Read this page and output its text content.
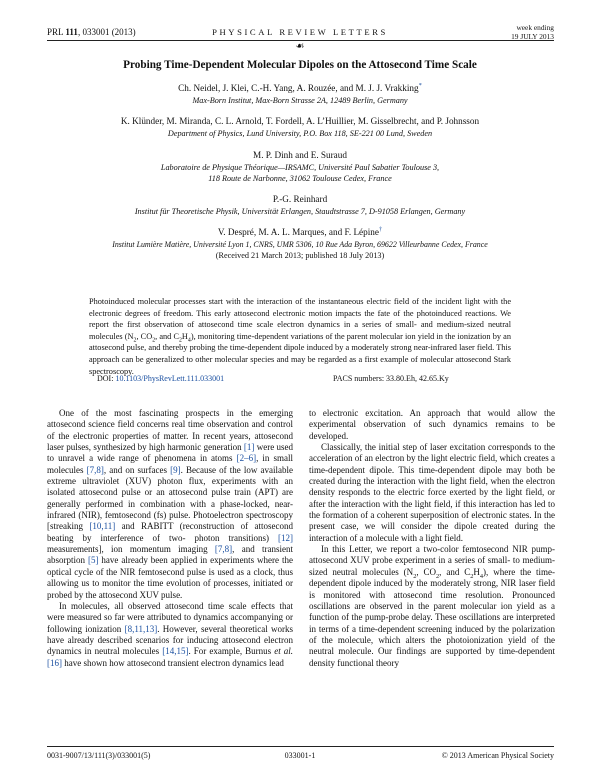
PRL 111, 033001 (2013)	PHYSICAL REVIEW LETTERS	week ending
19 JULY 2013
☙
Probing Time-Dependent Molecular Dipoles on the Attosecond Time Scale
Ch. Neidel, J. Klei, C.-H. Yang, A. Rouzée, and M. J. J. Vrakking*
Max-Born Institut, Max-Born Strasse 2A, 12489 Berlin, Germany
K. Klünder, M. Miranda, C. L. Arnold, T. Fordell, A. L’Huillier, M. Gisselbrecht, and P. Johnsson
Department of Physics, Lund University, P.O. Box 118, SE-221 00 Lund, Sweden
M. P. Dinh and E. Suraud
Laboratoire de Physique Théorique—IRSAMC, Université Paul Sabatier Toulouse 3,
118 Route de Narbonne, 31062 Toulouse Cedex, France
P.-G. Reinhard
Institut für Theoretische Physik, Universität Erlangen, Staudtstrasse 7, D-91058 Erlangen, Germany
V. Despré, M. A. L. Marques, and F. Lépine†
Institut Lumière Matière, Université Lyon 1, CNRS, UMR 5306, 10 Rue Ada Byron, 69622 Villeurbanne Cedex, France
(Received 21 March 2013; published 18 July 2013)
Photoinduced molecular processes start with the interaction of the instantaneous electric field of the incident light with the electronic degrees of freedom. This early attosecond electronic motion impacts the fate of the photoinduced reactions. We report the first observation of attosecond time scale electron dynamics in a series of small- and medium-sized neutral molecules ($N_2$, $CO_2$, and $C_2H_4$), monitoring time-dependent variations of the parent molecular ion yield in the ionization by an attosecond pulse, and thereby probing the time-dependent dipole induced by a moderately strong near-infrared laser field. This approach can be generalized to other molecular species and may be regarded as a first example of molecular attosecond Stark spectroscopy.
DOI: 10.1103/PhysRevLett.111.033001	PACS numbers: 33.80.Eh, 42.65.Ky

One of the most fascinating prospects in the emerging attosecond science field concerns real time observation and control of the electronic properties of matter. In recent years, attosecond laser pulses, synthesized by high harmonic generation [1] were used to unravel a wide range of phenomena in atoms [2–6], in small molecules [7,8], and on surfaces [9]. Because of the low available extreme ultraviolet (XUV) photon flux, experiments with an isolated attosecond pulse or an attosecond pulse train (APT) are generally performed in combination with a phase-locked, near-infrared (NIR), femtosecond (fs) pulse. Photoelectron spectroscopy [streaking [10,11] and RABITT (reconstruction of attosecond beating by interference of two- photon transitions) [12] measurements], ion momentum imaging [7,8], and transient absorption [5] have already been applied in experiments where the optical cycle of the NIR femtosecond pulse is used as a clock, thus allowing us to monitor the time evolution of processes, initiated or probed by the attosecond XUV pulse.

In molecules, all observed attosecond time scale effects that were measured so far were attributed to dynamics accompanying or following ionization [8,11,13]. However, several theoretical works have already described scenarios for inducing attosecond electron dynamics in neutral molecules [14,15]. For example, Burnus et al. [16] have shown how attosecond transient electron dynamics lead

to electronic excitation. An approach that would allow the experimental observation of such dynamics remains to be developed.

Classically, the initial step of laser excitation corresponds to the acceleration of an electron by the light electric field, which creates a time-dependent dipole. This time-dependent dipole may both be created during the interaction with the light field, when the electron density responds to the electric force exerted by the light field, or after the interaction with the light field, if this interaction has led to the formation of a coherent superposition of electronic states. In the present case, we will consider the dipole created during the interaction of a molecule with a light field.

In this Letter, we report a two-color femtosecond NIR pump-attosecond XUV probe experiment in a series of small- to medium-sized neutral molecules ($N_2$, $CO_2$, and $C_2H_4$), where the time-dependent dipole induced by the moderately strong, NIR laser field is monitored with attosecond time resolution. Pronounced oscillations are observed in the parent molecular ion yield as a function of the pump-probe delay. These oscillations are interpreted in terms of a time-dependent screening induced by the polarization of the molecule, which alters the photoionization yield of the neutral molecule. Our findings are supported by time-dependent density functional theory

0031-9007/13/111(3)/033001(5)	033001-1	© 2013 American Physical Society
